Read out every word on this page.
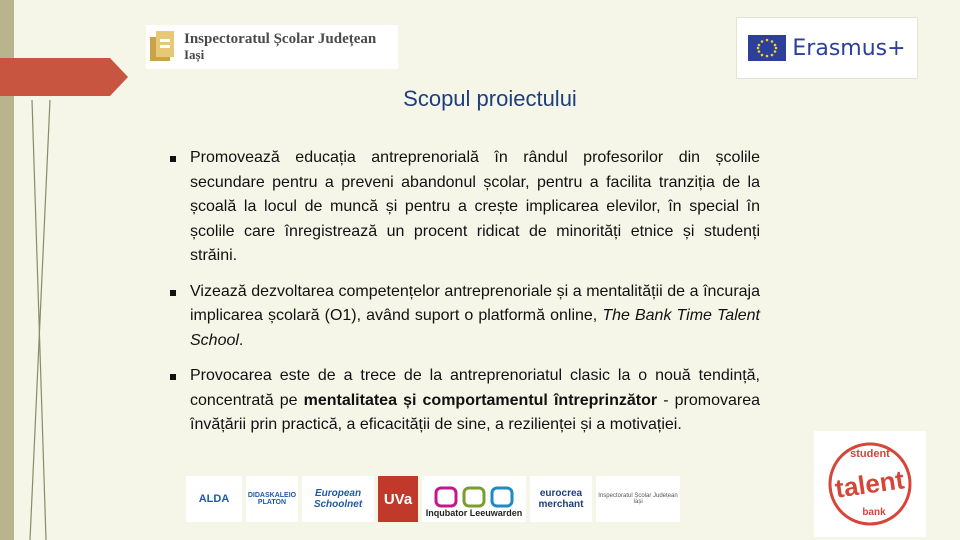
Inspectoratul Școlar Județean
Iași	Erasmus+
Scopul proiectului
Promovează educația antreprenorială în rândul profesorilor din școlile secundare pentru a preveni abandonul școlar, pentru a facilita tranziția de la școală la locul de muncă și pentru a crește implicarea elevilor, în special în școlile care înregistrează un procent ridicat de minorități etnice și studenți străini.
Vizează dezvoltarea competențelor antreprenoriale și a mentalității de a încuraja implicarea școlară (O1), având suport o platformă online, The Bank Time Talent School.
Provocarea este de a trece de la antreprenoriatul clasic la o nouă tendință, concentrată pe mentalitatea și comportamentul întreprinzător - promovarea învățării prin practică, a eficacității de sine, a rezilienței și a motivației.
student
talent
bank
ALDA	DIDASKALEIO PLATON
European Schoolnet	UVa
Inqubator Leeuwarden
eurocrea merchant
Inspectoratul Școlar Județean Iași
